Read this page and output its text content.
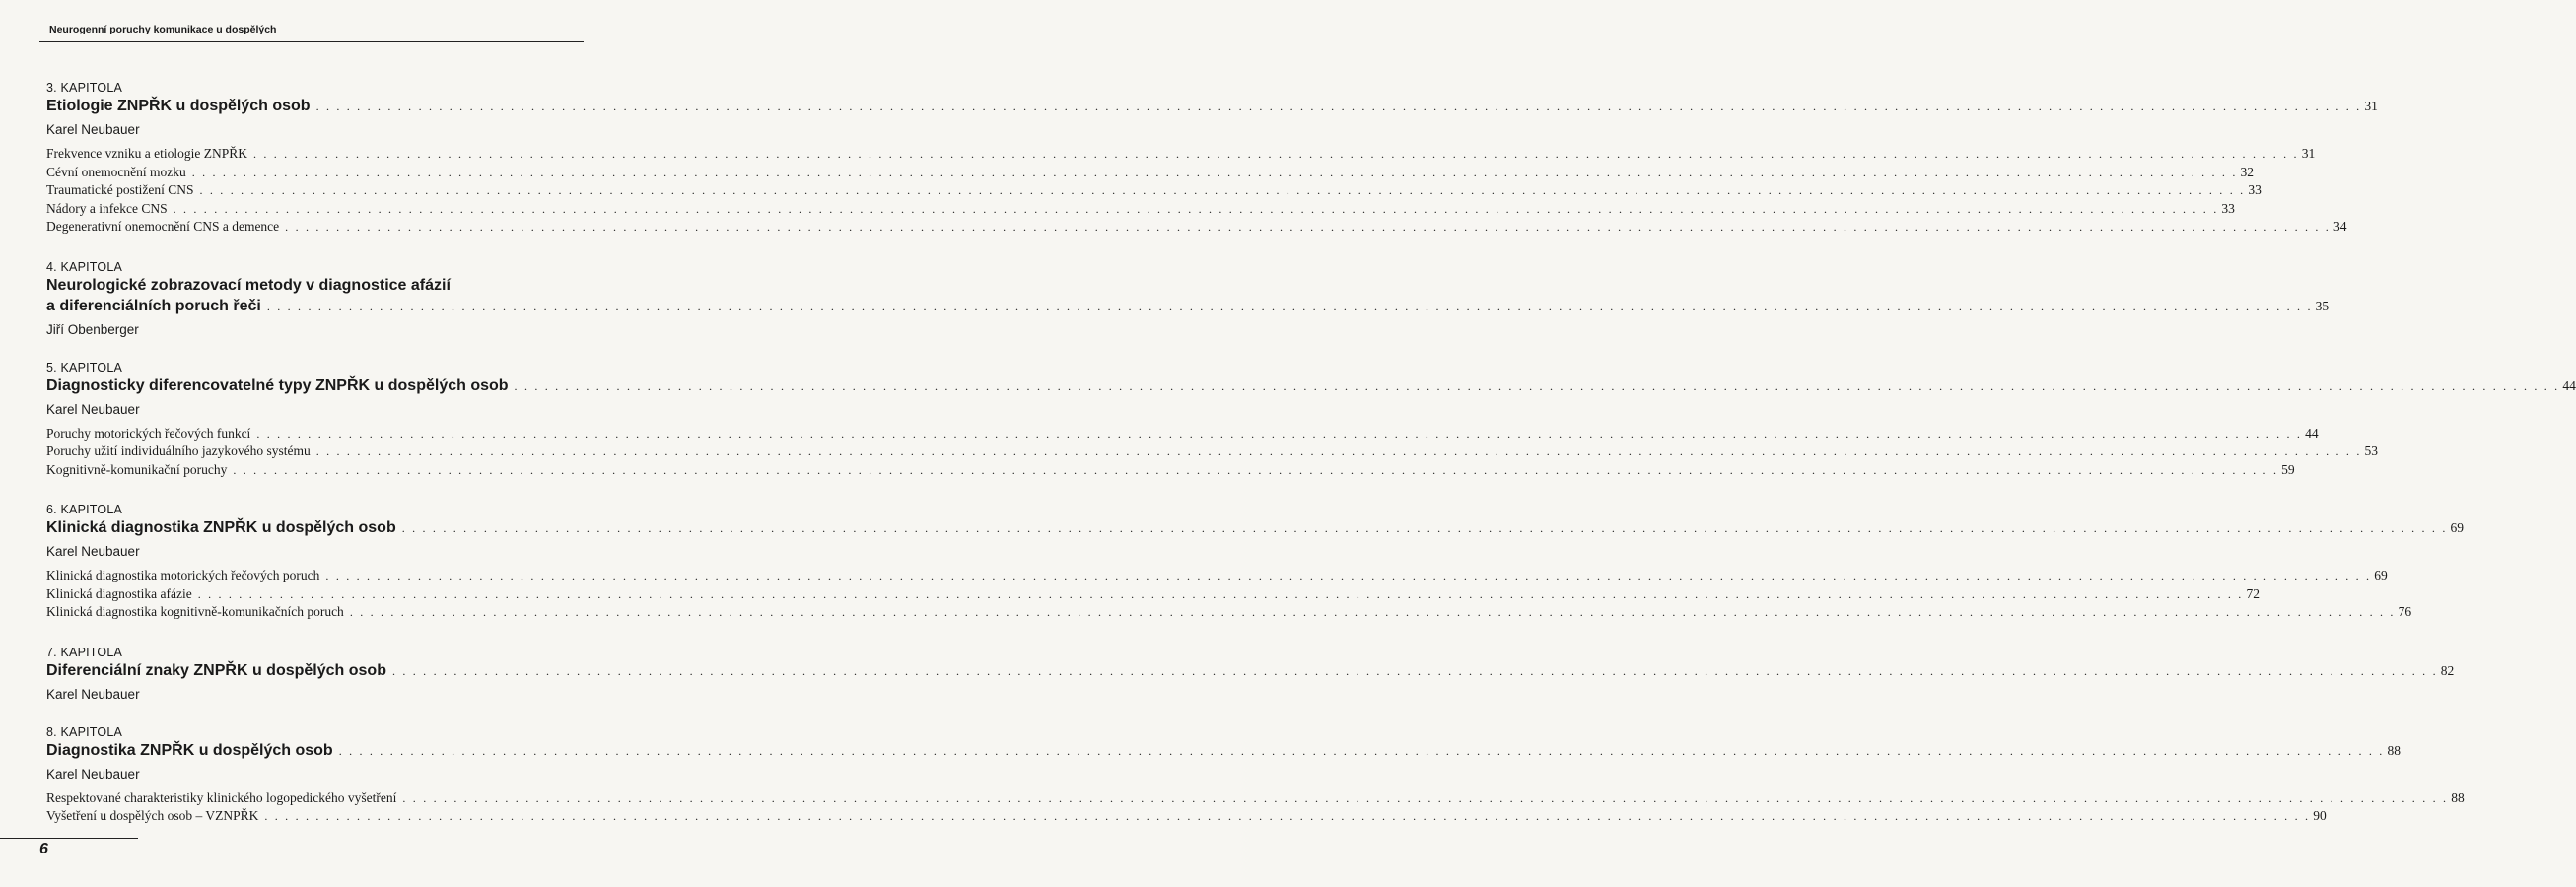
Neurogenní poruchy komunikace u dospělých
3. KAPITOLA
Etiologie ZNPŘK u dospělých osob . . . . . . . . . . . . . . . . . . . . . . . . . . . . . . . . . . . . . . . . . . . . . . . . . . . . . . . . . . . . . . . . . . . . . . . . . . . . . . . . . . . . . . . . . . . . . . . . . . . . . . . . . . . . . . . . . . . . . . . . . . . . . . . . . . . . . . . . . . . . . . . . . . . . . . . . . . . . . . . . . . . . . . . . . . . . . . . . . . . . . . . . . . . . . . . . . . . . . . . . 31
Karel Neubauer
Frekvence vzniku a etiologie ZNPŘK . . . . . . . . . . . . . . . . . . . . . . . . . . . . . . . . . . . . . . . . . . . . . . . . . . . . . . . . . . . . . . . . . . . . . . . . . . . . . . . . . . . . . . . . . . . . . . . . . . . . . . . . . . . . . . . . . . . . . . . . . . . . . . . . . . . . . . . . . . . . . . . . . . . . . . . . . . . . . . . . . . . . . . . . . . . . . . . . . . . . . . . . . . . . . . . . . . . . . . . . 31
Cévní onemocnění mozku . . . . . . . . . . . . . . . . . . . . . . . . . . . . . . . . . . . . . . . . . . . . . . . . . . . . . . . . . . . . . . . . . . . . . . . . . . . . . . . . . . . . . . . . . . . . . . . . . . . . . . . . . . . . . . . . . . . . . . . . . . . . . . . . . . . . . . . . . . . . . . . . . . . . . . . . . . . . . . . . . . . . . . . . . . . . . . . . . . . . . . . . . . . . . . . . . . . . . . . . 32
Traumatické postižení CNS . . . . . . . . . . . . . . . . . . . . . . . . . . . . . . . . . . . . . . . . . . . . . . . . . . . . . . . . . . . . . . . . . . . . . . . . . . . . . . . . . . . . . . . . . . . . . . . . . . . . . . . . . . . . . . . . . . . . . . . . . . . . . . . . . . . . . . . . . . . . . . . . . . . . . . . . . . . . . . . . . . . . . . . . . . . . . . . . . . . . . . . . . . . . . . . . . . . . . . . . 33
Nádory a infekce CNS . . . . . . . . . . . . . . . . . . . . . . . . . . . . . . . . . . . . . . . . . . . . . . . . . . . . . . . . . . . . . . . . . . . . . . . . . . . . . . . . . . . . . . . . . . . . . . . . . . . . . . . . . . . . . . . . . . . . . . . . . . . . . . . . . . . . . . . . . . . . . . . . . . . . . . . . . . . . . . . . . . . . . . . . . . . . . . . . . . . . . . . . . . . . . . . . . . . . . . . . 33
Degenerativní onemocnění CNS a demence . . . . . . . . . . . . . . . . . . . . . . . . . . . . . . . . . . . . . . . . . . . . . . . . . . . . . . . . . . . . . . . . . . . . . . . . . . . . . . . . . . . . . . . . . . . . . . . . . . . . . . . . . . . . . . . . . . . . . . . . . . . . . . . . . . . . . . . . . . . . . . . . . . . . . . . . . . . . . . . . . . . . . . . . . . . . . . . . . . . . . . . . . . . . . . . . . . . . . . . . 34
4. KAPITOLA
Neurologické zobrazovací metody v diagnostice afázií
a diferenciálních poruch řeči . . . . . . . . . . . . . . . . . . . . . . . . . . . . . . . . . . . . . . . . . . . . . . . . . . . . . . . . . . . . . . . . . . . . . . . . . . . . . . . . . . . . . . . . . . . . . . . . . . . . . . . . . . . . . . . . . . . . . . . . . . . . . . . . . . . . . . . . . . . . . . . . . . . . . . . . . . . . . . . . . . . . . . . . . . . . . . . . . . . . . . . . . . . . . . . . . . . . . . . . 35
Jiří Obenberger
5. KAPITOLA
Diagnosticky diferencovatelné typy ZNPŘK u dospělých osob . . . . . . . . . . . . . . . . . . . . . . . . . . . . . . . . . . . . . . . . . . . . . . . . . . . . . . . . . . . . . . . . . . . . . . . . . . . . . . . . . . . . . . . . . . . . . . . . . . . . . . . . . . . . . . . . . . . . . . . . . . . . . . . . . . . . . . . . . . . . . . . . . . . . . . . . . . . . . . . . . . . . . . . . . . . . . . . . . . . . . . . . . . . . . . . . . . . . . . . . 44
Karel Neubauer
Poruchy motorických řečových funkcí . . . . . . . . . . . . . . . . . . . . . . . . . . . . . . . . . . . . . . . . . . . . . . . . . . . . . . . . . . . . . . . . . . . . . . . . . . . . . . . . . . . . . . . . . . . . . . . . . . . . . . . . . . . . . . . . . . . . . . . . . . . . . . . . . . . . . . . . . . . . . . . . . . . . . . . . . . . . . . . . . . . . . . . . . . . . . . . . . . . . . . . . . . . . . . . . . . . . . . . . 44
Poruchy užití individuálního jazykového systému . . . . . . . . . . . . . . . . . . . . . . . . . . . . . . . . . . . . . . . . . . . . . . . . . . . . . . . . . . . . . . . . . . . . . . . . . . . . . . . . . . . . . . . . . . . . . . . . . . . . . . . . . . . . . . . . . . . . . . . . . . . . . . . . . . . . . . . . . . . . . . . . . . . . . . . . . . . . . . . . . . . . . . . . . . . . . . . . . . . . . . . . . . . . . . . . . . . . . . . . 53
Kognitivně-komunikační poruchy . . . . . . . . . . . . . . . . . . . . . . . . . . . . . . . . . . . . . . . . . . . . . . . . . . . . . . . . . . . . . . . . . . . . . . . . . . . . . . . . . . . . . . . . . . . . . . . . . . . . . . . . . . . . . . . . . . . . . . . . . . . . . . . . . . . . . . . . . . . . . . . . . . . . . . . . . . . . . . . . . . . . . . . . . . . . . . . . . . . . . . . . . . . . . . . . . . . . . . . . 59
6. KAPITOLA
Klinická diagnostika ZNPŘK u dospělých osob . . . . . . . . . . . . . . . . . . . . . . . . . . . . . . . . . . . . . . . . . . . . . . . . . . . . . . . . . . . . . . . . . . . . . . . . . . . . . . . . . . . . . . . . . . . . . . . . . . . . . . . . . . . . . . . . . . . . . . . . . . . . . . . . . . . . . . . . . . . . . . . . . . . . . . . . . . . . . . . . . . . . . . . . . . . . . . . . . . . . . . . . . . . . . . . . . . . . . . . . 69
Karel Neubauer
Klinická diagnostika motorických řečových poruch . . . . . . . . . . . . . . . . . . . . . . . . . . . . . . . . . . . . . . . . . . . . . . . . . . . . . . . . . . . . . . . . . . . . . . . . . . . . . . . . . . . . . . . . . . . . . . . . . . . . . . . . . . . . . . . . . . . . . . . . . . . . . . . . . . . . . . . . . . . . . . . . . . . . . . . . . . . . . . . . . . . . . . . . . . . . . . . . . . . . . . . . . . . . . . . . . . . . . . . . 69
Klinická diagnostika afázie . . . . . . . . . . . . . . . . . . . . . . . . . . . . . . . . . . . . . . . . . . . . . . . . . . . . . . . . . . . . . . . . . . . . . . . . . . . . . . . . . . . . . . . . . . . . . . . . . . . . . . . . . . . . . . . . . . . . . . . . . . . . . . . . . . . . . . . . . . . . . . . . . . . . . . . . . . . . . . . . . . . . . . . . . . . . . . . . . . . . . . . . . . . . . . . . . . . . . . . . 72
Klinická diagnostika kognitivně-komunikačních poruch . . . . . . . . . . . . . . . . . . . . . . . . . . . . . . . . . . . . . . . . . . . . . . . . . . . . . . . . . . . . . . . . . . . . . . . . . . . . . . . . . . . . . . . . . . . . . . . . . . . . . . . . . . . . . . . . . . . . . . . . . . . . . . . . . . . . . . . . . . . . . . . . . . . . . . . . . . . . . . . . . . . . . . . . . . . . . . . . . . . . . . . . . . . . . . . . . . . . . . . . 76
7. KAPITOLA
Diferenciální znaky ZNPŘK u dospělých osob . . . . . . . . . . . . . . . . . . . . . . . . . . . . . . . . . . . . . . . . . . . . . . . . . . . . . . . . . . . . . . . . . . . . . . . . . . . . . . . . . . . . . . . . . . . . . . . . . . . . . . . . . . . . . . . . . . . . . . . . . . . . . . . . . . . . . . . . . . . . . . . . . . . . . . . . . . . . . . . . . . . . . . . . . . . . . . . . . . . . . . . . . . . . . . . . . . . . . . . . 82
Karel Neubauer
8. KAPITOLA
Diagnostika ZNPŘK u dospělých osob . . . . . . . . . . . . . . . . . . . . . . . . . . . . . . . . . . . . . . . . . . . . . . . . . . . . . . . . . . . . . . . . . . . . . . . . . . . . . . . . . . . . . . . . . . . . . . . . . . . . . . . . . . . . . . . . . . . . . . . . . . . . . . . . . . . . . . . . . . . . . . . . . . . . . . . . . . . . . . . . . . . . . . . . . . . . . . . . . . . . . . . . . . . . . . . . . . . . . . . . 88
Karel Neubauer
Respektované charakteristiky klinického logopedického vyšetření . . . . . . . . . . . . . . . . . . . . . . . . . . . . . . . . . . . . . . . . . . . . . . . . . . . . . . . . . . . . . . . . . . . . . . . . . . . . . . . . . . . . . . . . . . . . . . . . . . . . . . . . . . . . . . . . . . . . . . . . . . . . . . . . . . . . . . . . . . . . . . . . . . . . . . . . . . . . . . . . . . . . . . . . . . . . . . . . . . . . . . . . . . . . . . . . . . . . . . . . 88
Vyšetření u dospělých osob – VZNPŘK . . . . . . . . . . . . . . . . . . . . . . . . . . . . . . . . . . . . . . . . . . . . . . . . . . . . . . . . . . . . . . . . . . . . . . . . . . . . . . . . . . . . . . . . . . . . . . . . . . . . . . . . . . . . . . . . . . . . . . . . . . . . . . . . . . . . . . . . . . . . . . . . . . . . . . . . . . . . . . . . . . . . . . . . . . . . . . . . . . . . . . . . . . . . . . . . . . . . . . . . 90
6
